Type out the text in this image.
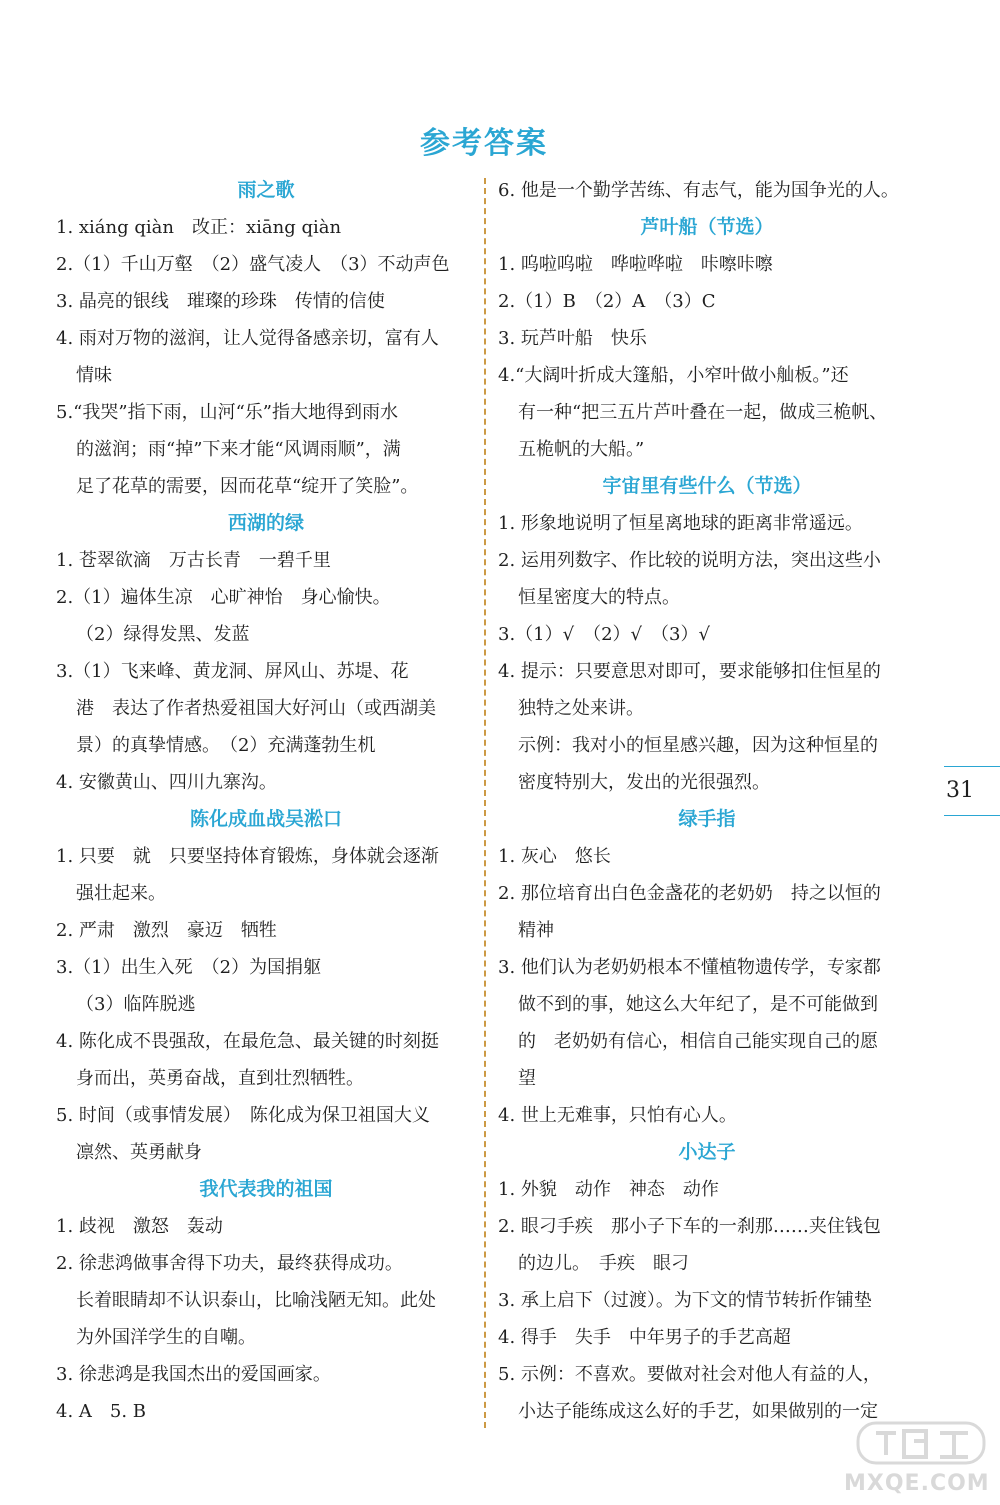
参考答案
雨之歌
1. xiáng qiàn　改正：xiāng qiàn
2.（1）千山万壑　（2）盛气凌人　（3）不动声色
3. 晶亮的银线　璀璨的珍珠　传情的信使
4. 雨对万物的滋润，让人觉得备感亲切，富有人
情味
5.“我哭”指下雨，山河“乐”指大地得到雨水
的滋润；雨“掉”下来才能“风调雨顺”，满
足了花草的需要，因而花草“绽开了笑脸”。
西湖的绿
1. 苍翠欲滴　万古长青　一碧千里
2.（1）遍体生凉　心旷神怡　身心愉快。
（2）绿得发黑、发蓝
3.（1）飞来峰、黄龙洞、屏风山、苏堤、花
港　表达了作者热爱祖国大好河山（或西湖美
景）的真挚情感。　（2）充满蓬勃生机
4. 安徽黄山、四川九寨沟。
陈化成血战吴淞口
1. 只要　就　只要坚持体育锻炼，身体就会逐渐
强壮起来。
2. 严肃　激烈　豪迈　牺牲
3.（1）出生入死　（2）为国捐躯
（3）临阵脱逃
4. 陈化成不畏强敌，在最危急、最关键的时刻挺
身而出，英勇奋战，直到壮烈牺牲。
5. 时间（或事情发展）　陈化成为保卫祖国大义
凛然、英勇献身
我代表我的祖国
1. 歧视　激怒　轰动
2. 徐悲鸿做事舍得下功夫，最终获得成功。
长着眼睛却不认识泰山，比喻浅陋无知。此处
为外国洋学生的自嘲。
3. 徐悲鸿是我国杰出的爱国画家。
4. A　5. B
6. 他是一个勤学苦练、有志气，能为国争光的人。
芦叶船（节选）
1. 呜啦呜啦　哗啦哗啦　咔嚓咔嚓
2.（1）B　（2）A　（3）C
3. 玩芦叶船　快乐
4.“大阔叶折成大篷船，小窄叶做小舢板。”还
有一种“把三五片芦叶叠在一起，做成三桅帆、
五桅帆的大船。”
宇宙里有些什么（节选）
1. 形象地说明了恒星离地球的距离非常遥远。
2. 运用列数字、作比较的说明方法，突出这些小
恒星密度大的特点。
3.（1）√　（2）√　（3）√
4. 提示：只要意思对即可，要求能够扣住恒星的
独特之处来讲。
示例：我对小的恒星感兴趣，因为这种恒星的
密度特别大，发出的光很强烈。
绿手指
1. 灰心　悠长
2. 那位培育出白色金盏花的老奶奶　持之以恒的
精神
3. 他们认为老奶奶根本不懂植物遗传学，专家都
做不到的事，她这么大年纪了，是不可能做到
的　老奶奶有信心，相信自己能实现自己的愿
望
4. 世上无难事，只怕有心人。
小达子
1. 外貌　动作　神态　动作
2. 眼刁手疾　那小子下车的一刹那……夹住钱包
的边儿。　手疾　眼刁
3. 承上启下（过渡）。为下文的情节转折作铺垫
4. 得手　失手　中年男子的手艺高超
5. 示例：不喜欢。要做对社会对他人有益的人，
小达子能练成这么好的手艺，如果做别的一定
31
MXQE.COM
